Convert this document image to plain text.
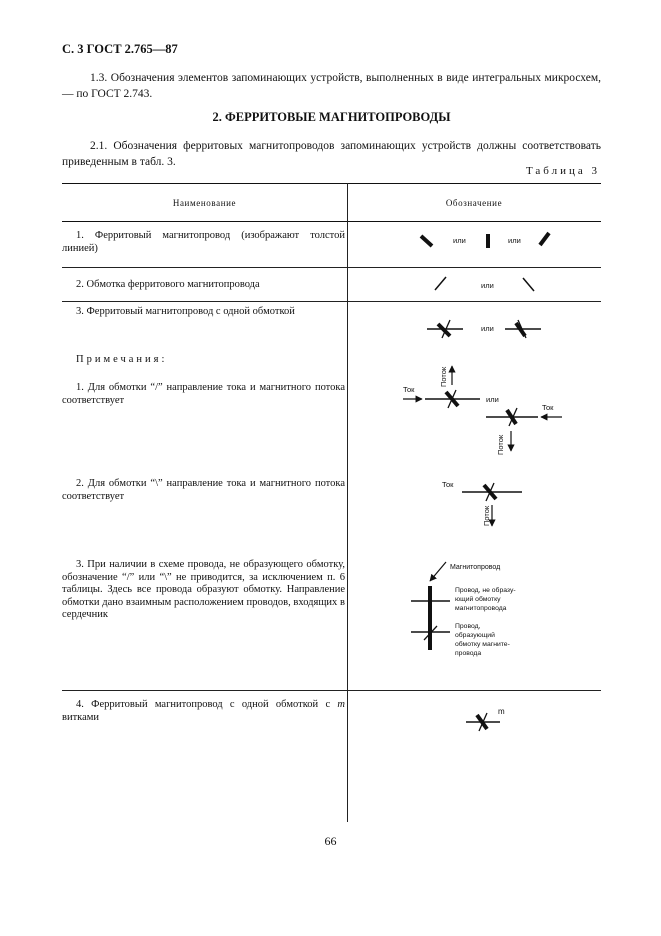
С. 3 ГОСТ 2.765—87
1.3. Обозначения элементов запоминающих устройств, выполненных в виде интегральных микросхем, — по ГОСТ 2.743.
2. ФЕРРИТОВЫЕ МАГНИТОПРОВОДЫ
2.1. Обозначения ферритовых магнитопроводов запоминающих устройств должны соответствовать приведенным в табл. 3.
Таблица 3
Наименование	Обозначение
1. Ферритовый магнитопровод (изображают толстой линией)
2. Обмотка ферритового магнитопровода
3. Ферритовый магнитопровод с одной обмоткой
Примечания:
1. Для обмотки “/” направление тока и магнитного потока соответствует
2. Для обмотки “\” направление тока и магнитного потока соответствует
3. При наличии в схеме провода, не образующего обмотку, обозначение “/” или “\” не приводится, за исключением п. 6 таблицы. Здесь все провода образуют обмотку. Направление обмотки дано взаимным расположением проводов, входящих в сердечник
4. Ферритовый магнитопровод с одной обмоткой с m витками
или	или
или
или
или
Ток
Поток
Ток
Поток
Ток
Поток
Магнитопровод
Провод, не образу-
ющий обмотку
магнитопровода
Провод,
образующий
обмотку магните-
провода
m
66
